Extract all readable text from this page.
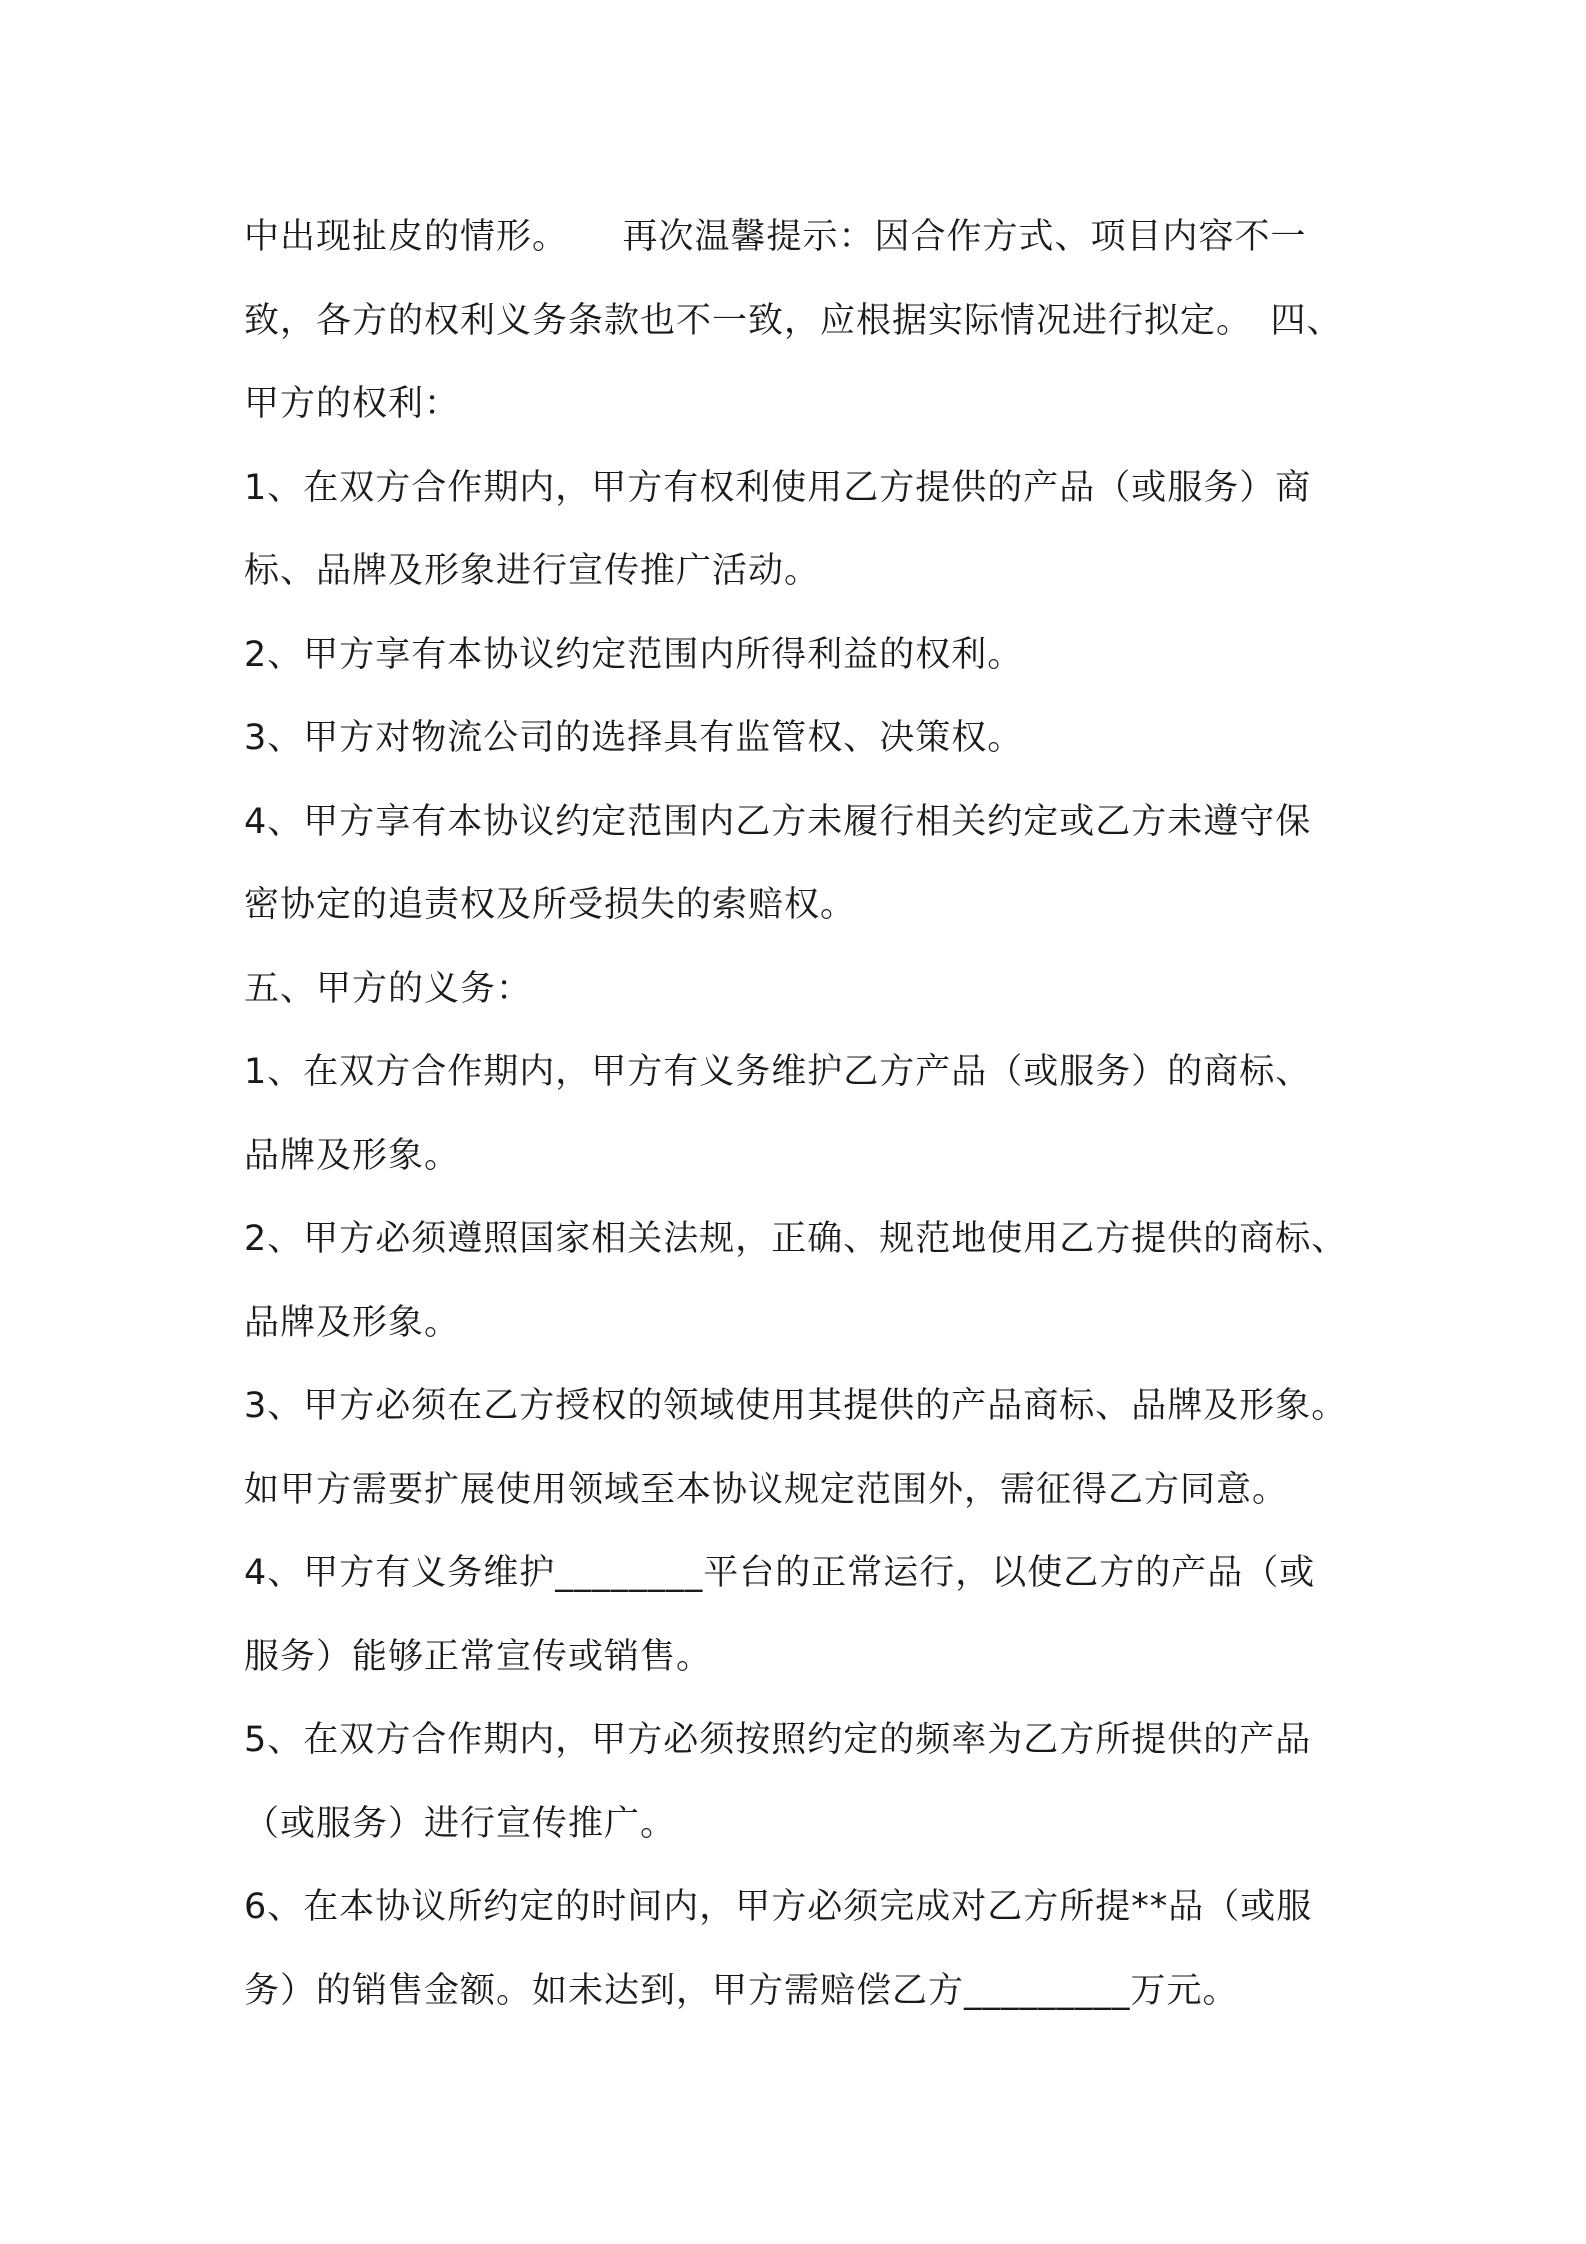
中出现扯皮的情形。　　再次温馨提示：因合作方式、项目内容不一
致，各方的权利义务条款也不一致，应根据实际情况进行拟定。　四、
甲方的权利：
1、在双方合作期内，甲方有权利使用乙方提供的产品（或服务）商
标、品牌及形象进行宣传推广活动。
2、甲方享有本协议约定范围内所得利益的权利。
3、甲方对物流公司的选择具有监管权、决策权。
4、甲方享有本协议约定范围内乙方未履行相关约定或乙方未遵守保
密协定的追责权及所受损失的索赔权。
五、甲方的义务：
1、在双方合作期内，甲方有义务维护乙方产品（或服务）的商标、
品牌及形象。
2、甲方必须遵照国家相关法规，正确、规范地使用乙方提供的商标、
品牌及形象。
3、甲方必须在乙方授权的领域使用其提供的产品商标、品牌及形象。
如甲方需要扩展使用领域至本协议规定范围外，需征得乙方同意。
4、甲方有义务维护________平台的正常运行，以使乙方的产品（或
服务）能够正常宣传或销售。
5、在双方合作期内，甲方必须按照约定的频率为乙方所提供的产品
（或服务）进行宣传推广。
6、在本协议所约定的时间内，甲方必须完成对乙方所提**品（或服
务）的销售金额。如未达到，甲方需赔偿乙方_________万元。
